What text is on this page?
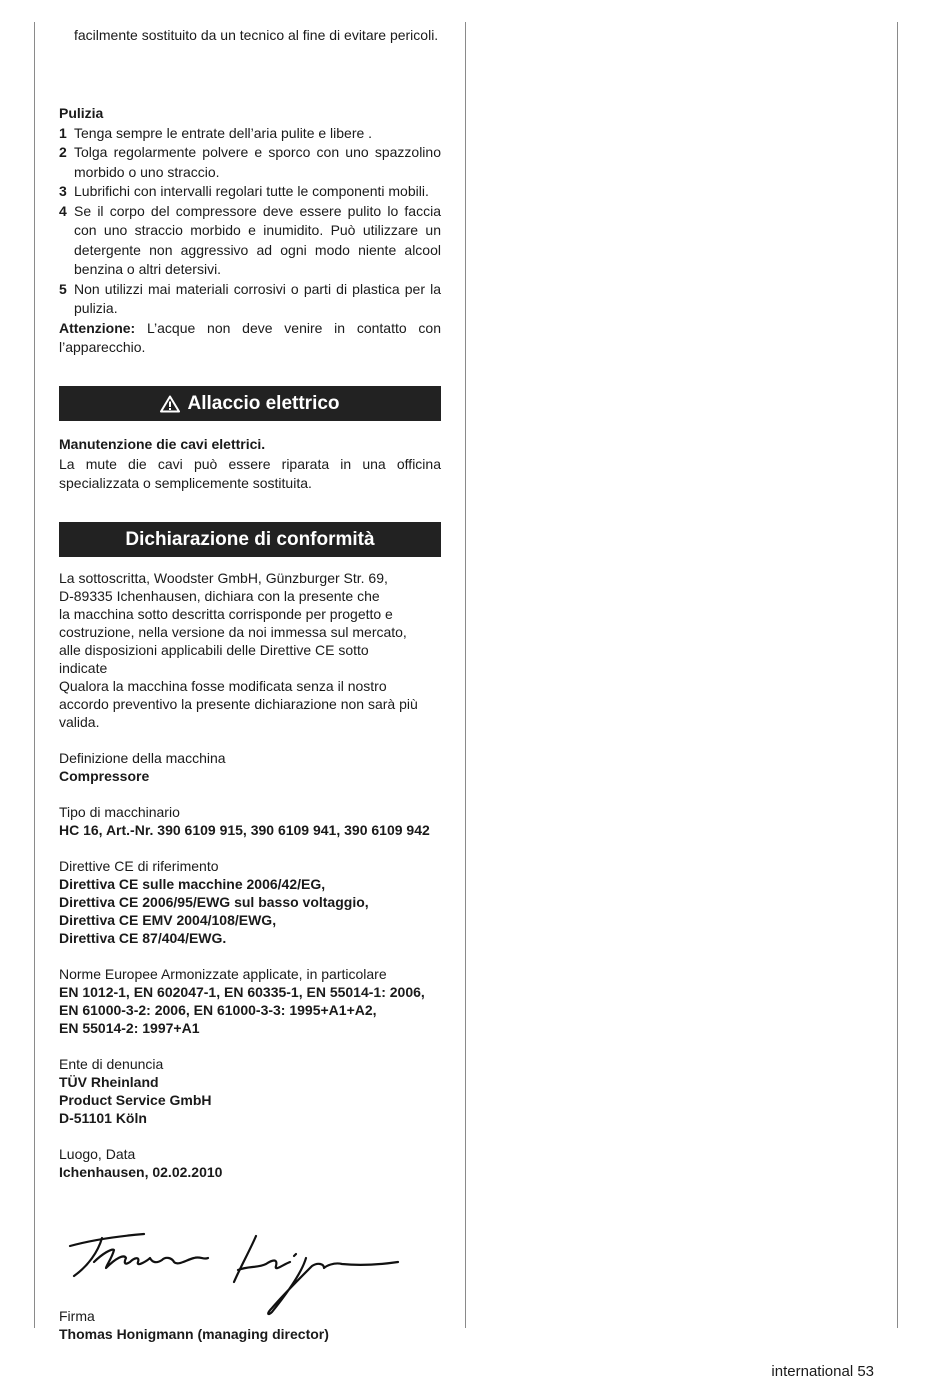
facilmente sostituito da un tecnico al fine di evitare pericoli.
Pulizia
1 Tenga sempre le entrate dell’aria pulite e libere .
2 Tolga regolarmente polvere e sporco con uno spazzolino morbido o uno straccio.
3 Lubrifichi con intervalli regolari tutte le componenti mobili.
4 Se il corpo del compressore deve essere pulito lo faccia con uno straccio morbido e inumidito. Può utilizzare un detergente non aggressivo ad ogni modo niente alcool benzina o altri detersivi.
5 Non utilizzi mai materiali corrosivi o parti di plastica per la pulizia.
Attenzione: L’acque non deve venire in contatto con l’apparecchio.
Allaccio elettrico
Manutenzione die cavi elettrici.
La mute die cavi può essere riparata in una officina specializzata o semplicemente sostituita.
Dichiarazione di conformità
La sottoscritta, Woodster GmbH, Günzburger Str. 69,
D-89335 Ichenhausen, dichiara con la presente che
la macchina sotto descritta corrisponde per progetto e
costruzione, nella versione da noi immessa sul mercato,
alle disposizioni applicabili delle Direttive CE sotto
indicate
Qualora la macchina fosse modificata senza il nostro
accordo preventivo la presente dichiarazione non sarà più
valida.
Definizione della macchina
Compressore
Tipo di macchinario
HC 16, Art.-Nr. 390 6109 915, 390 6109 941, 390 6109 942
Direttive CE di riferimento
Direttiva CE sulle macchine 2006/42/EG,
Direttiva CE 2006/95/EWG sul basso voltaggio,
Direttiva CE EMV 2004/108/EWG,
Direttiva CE 87/404/EWG.
Norme Europee Armonizzate applicate, in particolare
EN 1012-1, EN 602047-1, EN 60335-1, EN 55014-1: 2006,
EN 61000-3-2: 2006, EN 61000-3-3: 1995+A1+A2,
EN 55014-2: 1997+A1
Ente di denuncia
TÜV Rheinland
Product Service GmbH
D-51101 Köln
Luogo, Data
Ichenhausen, 02.02.2010
Firma
Thomas Honigmann (managing director)
international 53
